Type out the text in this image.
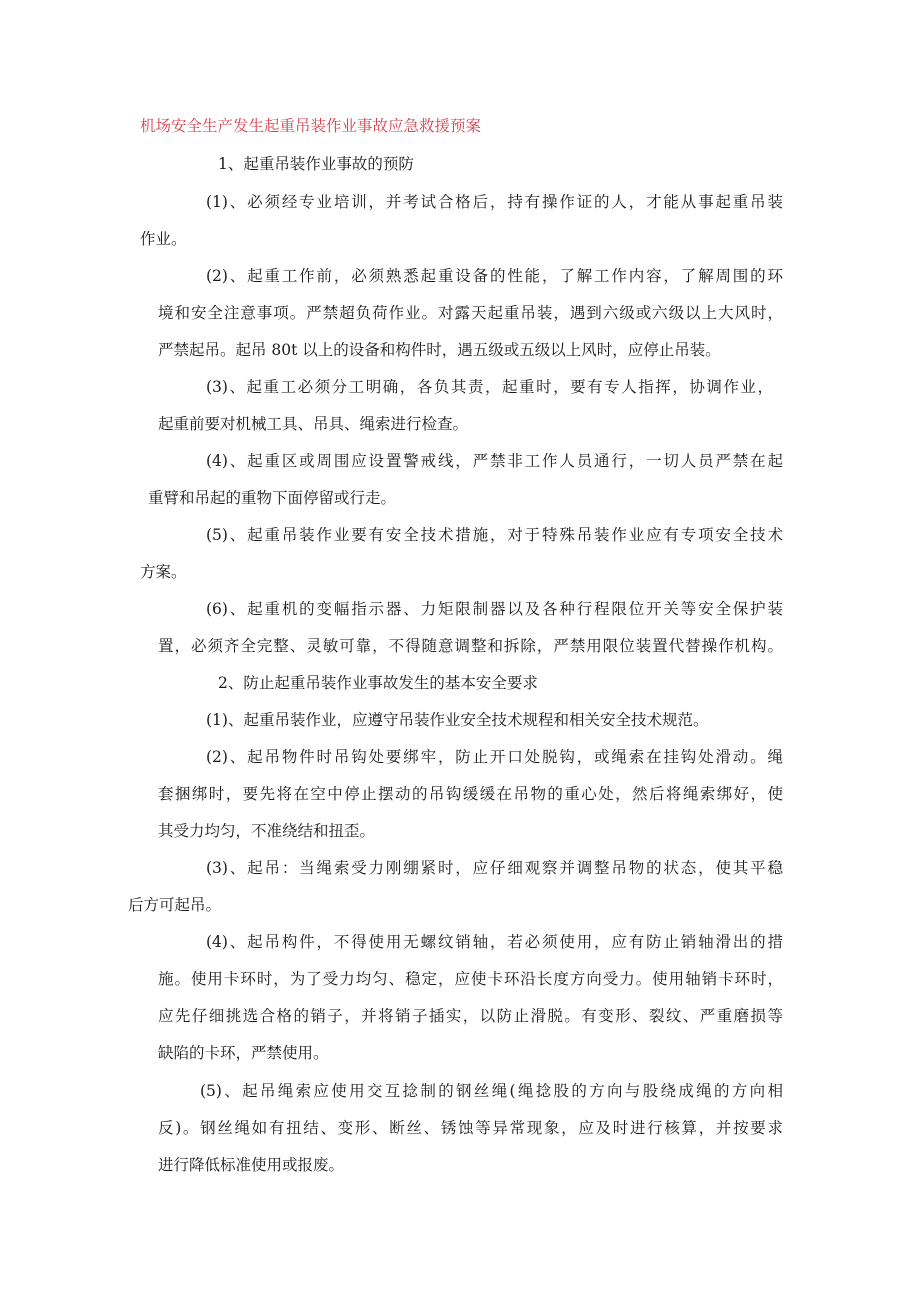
机场安全生产发生起重吊装作业事故应急救援预案
1、起重吊装作业事故的预防
(1)、必须经专业培训，并考试合格后，持有操作证的人，才能从事起重吊装
作业。
(2)、起重工作前，必须熟悉起重设备的性能，了解工作内容，了解周围的环
境和安全注意事项。严禁超负荷作业。对露天起重吊装，遇到六级或六级以上大风时，
严禁起吊。起吊 80t 以上的设备和构件时，遇五级或五级以上风时，应停止吊装。
(3)、起重工必须分工明确，各负其责，起重时，要有专人指挥，协调作业，
起重前要对机械工具、吊具、绳索进行检查。
(4)、起重区或周围应设置警戒线，严禁非工作人员通行，一切人员严禁在起
重臂和吊起的重物下面停留或行走。
(5)、起重吊装作业要有安全技术措施，对于特殊吊装作业应有专项安全技术
方案。
(6)、起重机的变幅指示器、力矩限制器以及各种行程限位开关等安全保护装
置，必须齐全完整、灵敏可靠，不得随意调整和拆除，严禁用限位装置代替操作机构。
2、防止起重吊装作业事故发生的基本安全要求
(1)、起重吊装作业，应遵守吊装作业安全技术规程和相关安全技术规范。
(2)、起吊物件时吊钩处要绑牢，防止开口处脱钩，或绳索在挂钩处滑动。绳
套捆绑时，要先将在空中停止摆动的吊钩缓缓在吊物的重心处，然后将绳索绑好，使
其受力均匀，不准绕结和扭歪。
(3)、起吊：当绳索受力刚绷紧时，应仔细观察并调整吊物的状态，使其平稳
后方可起吊。
(4)、起吊构件，不得使用无螺纹销轴，若必须使用，应有防止销轴滑出的措
施。使用卡环时，为了受力均匀、稳定，应使卡环沿长度方向受力。使用轴销卡环时，
应先仔细挑选合格的销子，并将销子插实，以防止滑脱。有变形、裂纹、严重磨损等
缺陷的卡环，严禁使用。
(5)、起吊绳索应使用交互捻制的钢丝绳(绳捻股的方向与股绕成绳的方向相
反)。钢丝绳如有扭结、变形、断丝、锈蚀等异常现象，应及时进行核算，并按要求
进行降低标准使用或报废。
